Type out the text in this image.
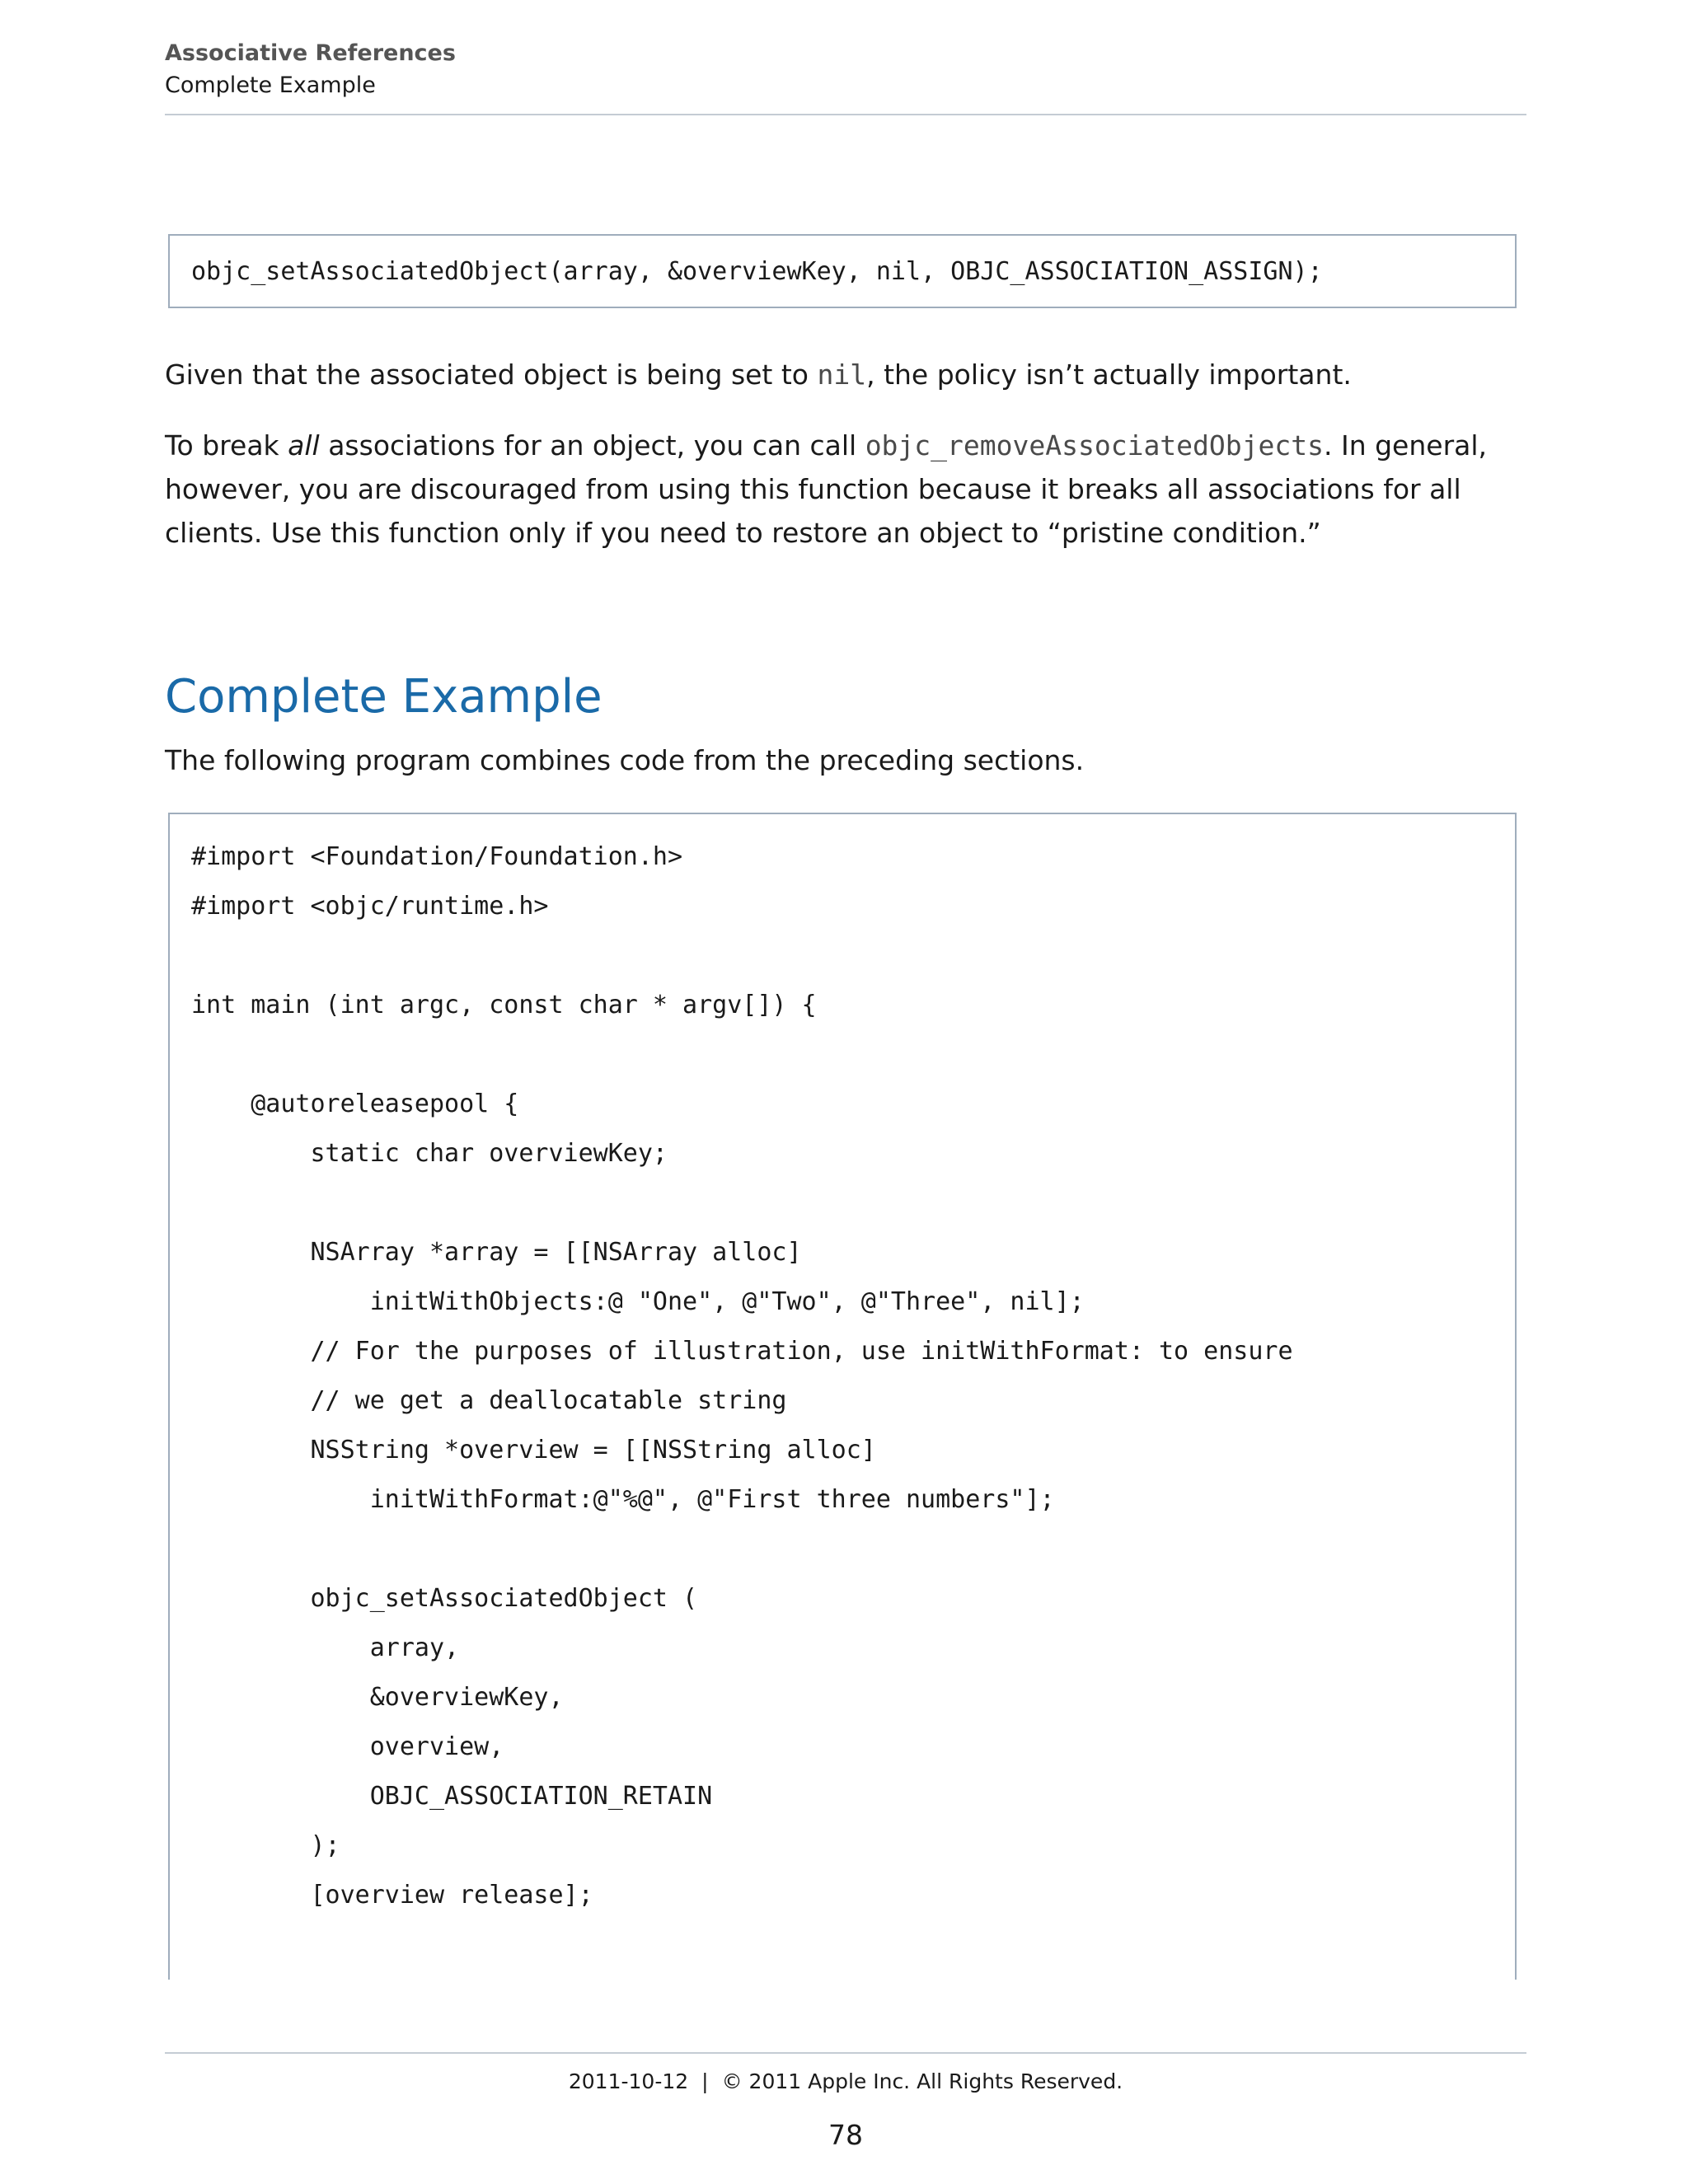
Associative References
Complete Example
objc_setAssociatedObject(array, &overviewKey, nil, OBJC_ASSOCIATION_ASSIGN);
Given that the associated object is being set to nil, the policy isn’t actually important.
To break all associations for an object, you can call objc_removeAssociatedObjects. In general, however, you are discouraged from using this function because it breaks all associations for all clients. Use this function only if you need to restore an object to “pristine condition.”
Complete Example
The following program combines code from the preceding sections.
#import <Foundation/Foundation.h>
#import <objc/runtime.h>
int main (int argc, const char * argv[]) {
@autoreleasepool {
static char overviewKey;
NSArray *array = [[NSArray alloc]
initWithObjects:@ "One", @"Two", @"Three", nil];
// For the purposes of illustration, use initWithFormat: to ensure
// we get a deallocatable string
NSString *overview = [[NSString alloc]
initWithFormat:@"%@", @"First three numbers"];
objc_setAssociatedObject (
array,
&overviewKey,
overview,
OBJC_ASSOCIATION_RETAIN
);
[overview release];
2011-10-12 | © 2011 Apple Inc. All Rights Reserved.
78
